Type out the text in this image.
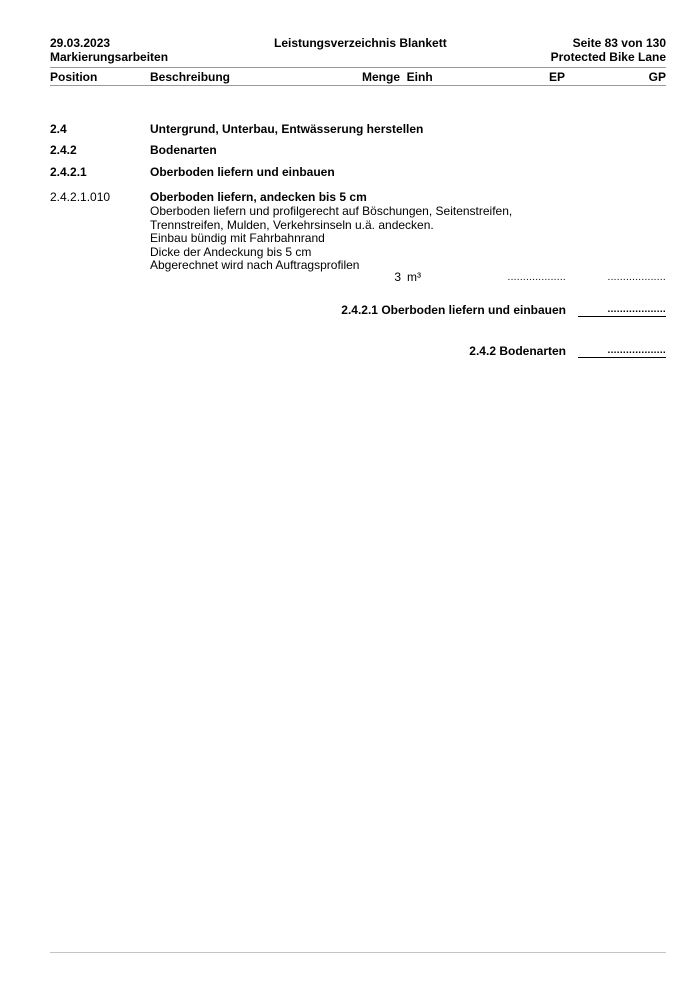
29.03.2023
Markierungsarbeiten
Leistungsverzeichnis Blankett	Seite 83 von 130
Protected Bike Lane
Position	Beschreibung	Menge  Einh	EP	GP
2.4	Untergrund, Unterbau, Entwässerung herstellen
2.4.2	Bodenarten
2.4.2.1	Oberboden liefern und einbauen
2.4.2.1.010	Oberboden liefern, andecken bis 5 cm
Oberboden liefern und profilgerecht auf Böschungen, Seitenstreifen,
Trennstreifen, Mulden, Verkehrsinseln u.ä. andecken.
Einbau bündig mit Fahrbahnrand
Dicke der Andeckung bis 5 cm
Abgerechnet wird nach Auftragsprofilen
3 m³	...................	...................
2.4.2.1 Oberboden liefern und einbauen	...................
2.4.2 Bodenarten	...................
